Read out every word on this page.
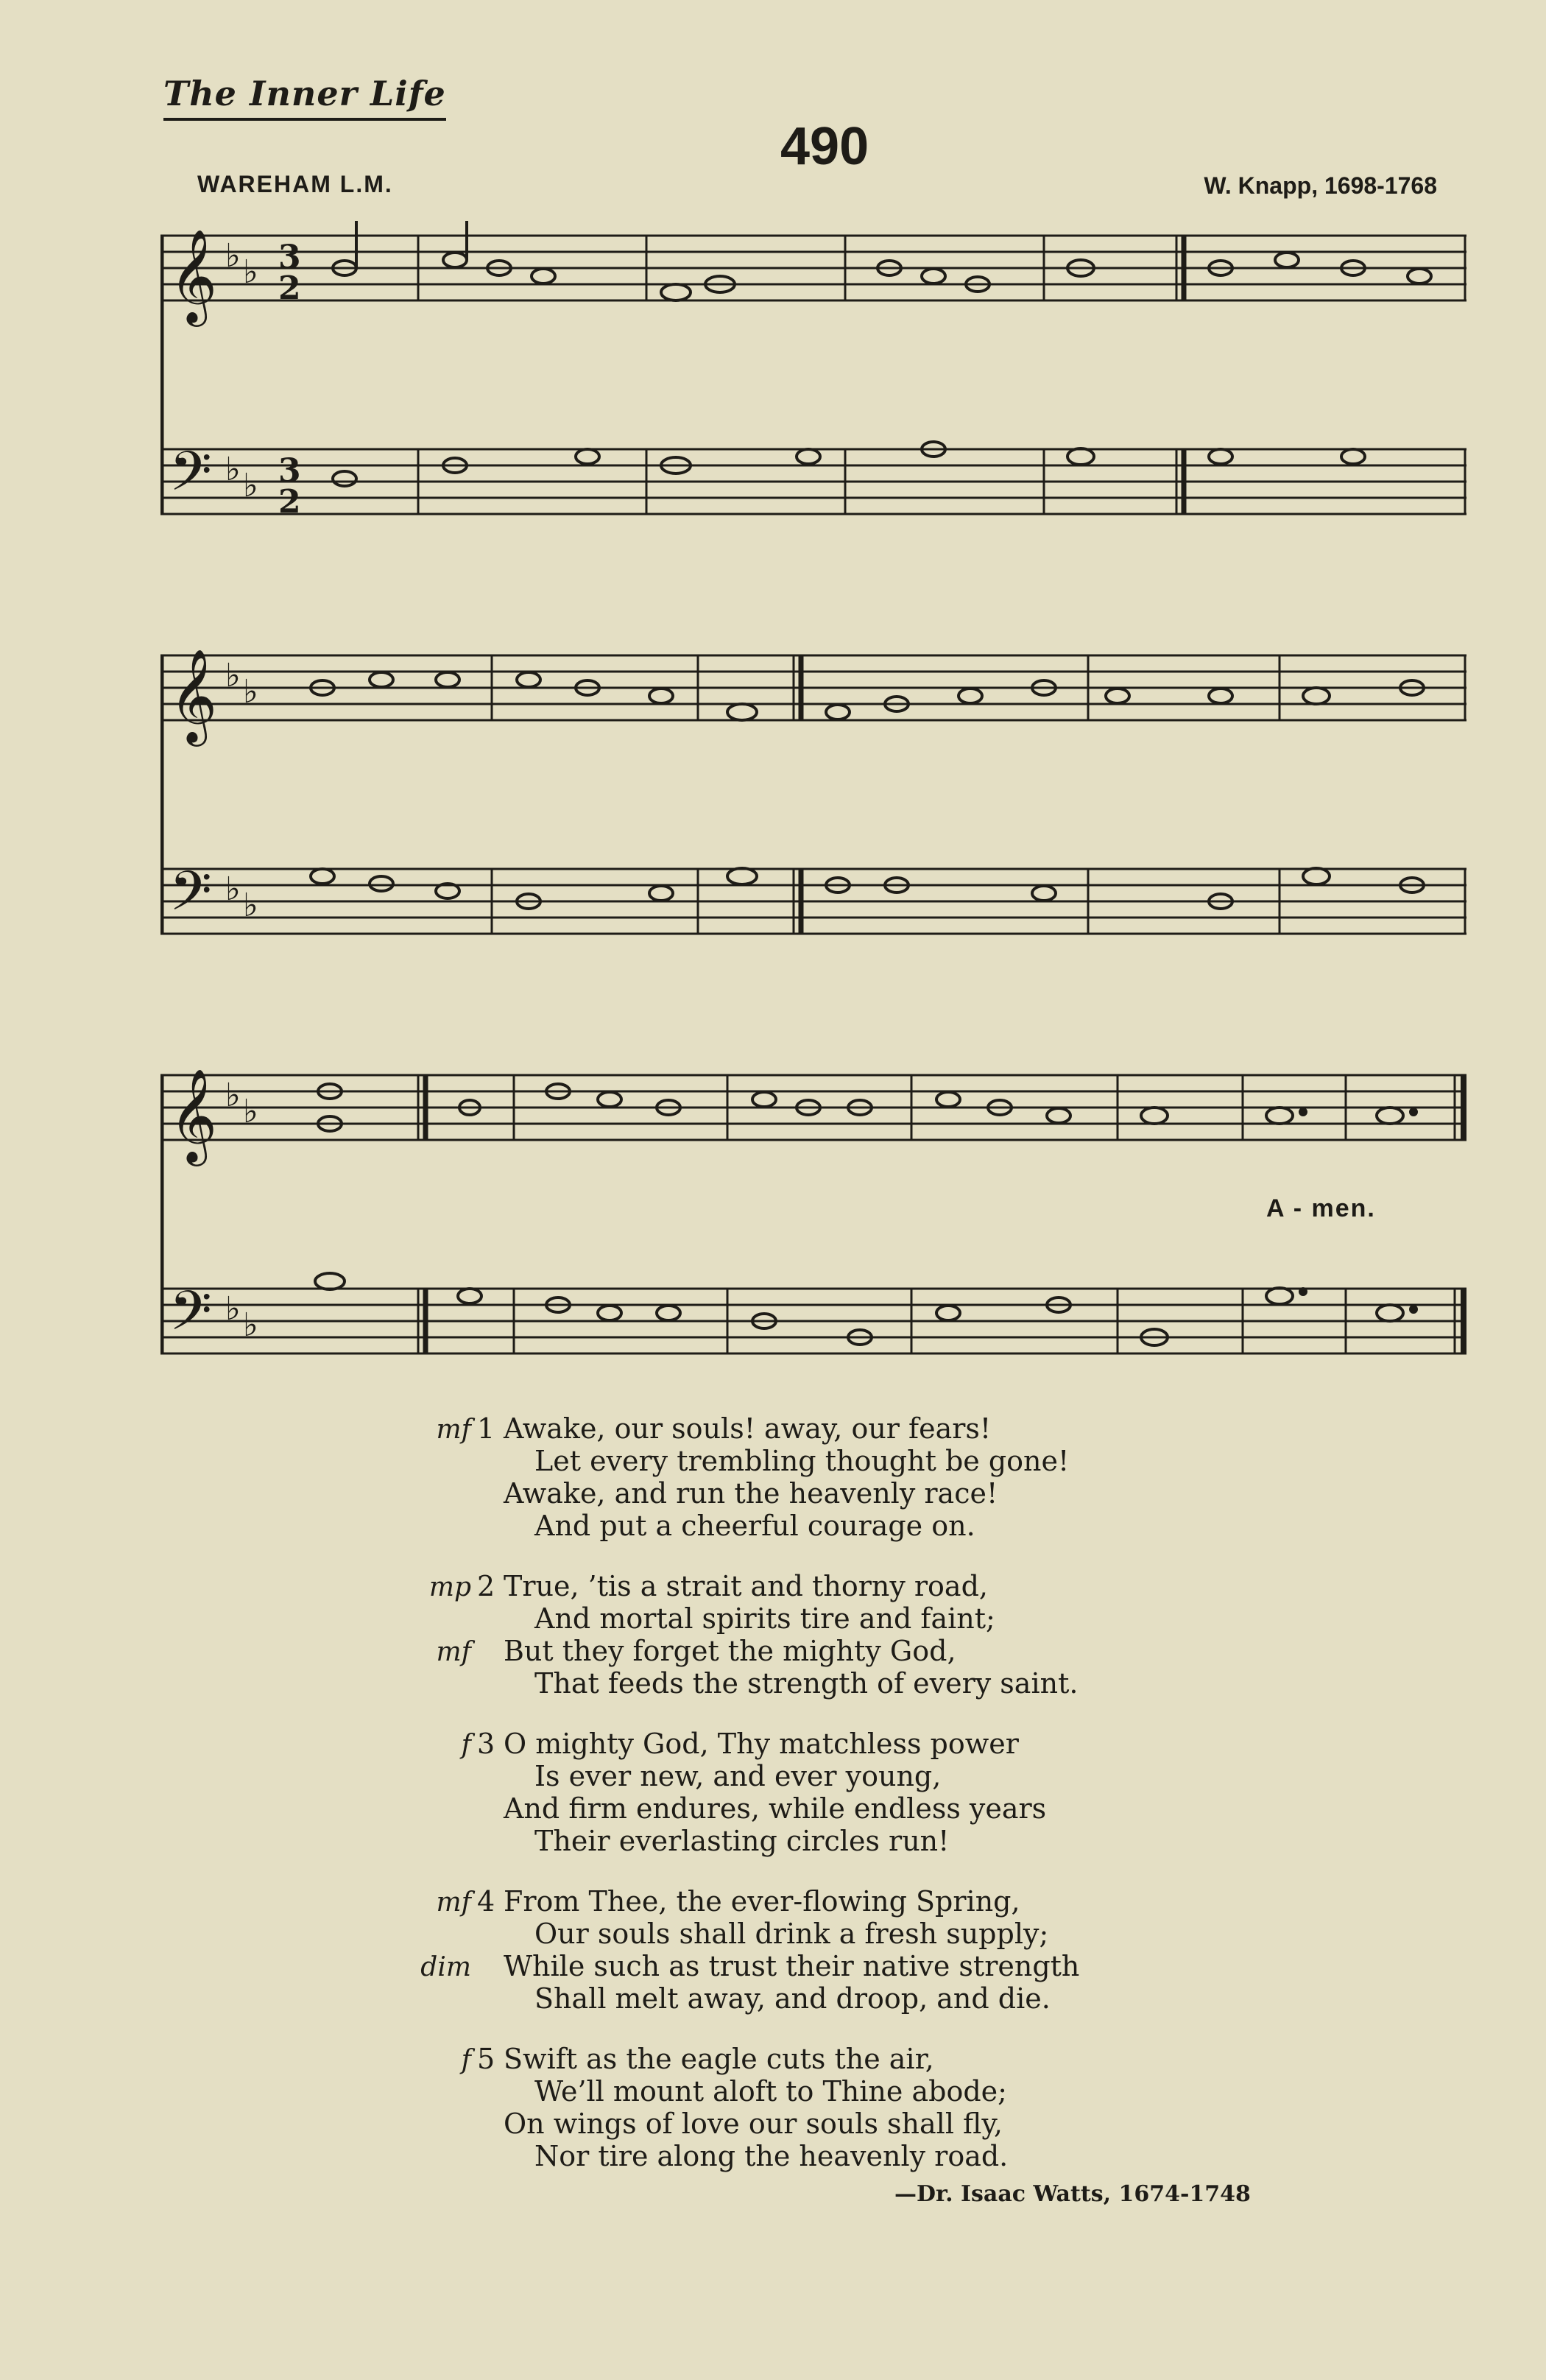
The Inner Life
490
WAREHAM L.M.	W. Knapp, 1698-1768
𝄞
𝄢
♭ ♭
♭ ♭
3
2
3
2
𝄞
𝄢
♭ ♭
♭ ♭
𝄞
𝄢
♭ ♭
♭ ♭
A - men.
mf 1 Awake, our souls! away, our fears!
Let every trembling thought be gone!
Awake, and run the heavenly race!
And put a cheerful courage on.
mp 2 True, ’tis a strait and thorny road,
And mortal spirits tire and faint;
mf But they forget the mighty God,
That feeds the strength of every saint.
f 3 O mighty God, Thy matchless power
Is ever new, and ever young,
And firm endures, while endless years
Their everlasting circles run!
mf 4 From Thee, the ever-flowing Spring,
Our souls shall drink a fresh supply;
dim While such as trust their native strength
Shall melt away, and droop, and die.
f 5 Swift as the eagle cuts the air,
We’ll mount aloft to Thine abode;
On wings of love our souls shall fly,
Nor tire along the heavenly road.
—Dr. Isaac Watts, 1674-1748
